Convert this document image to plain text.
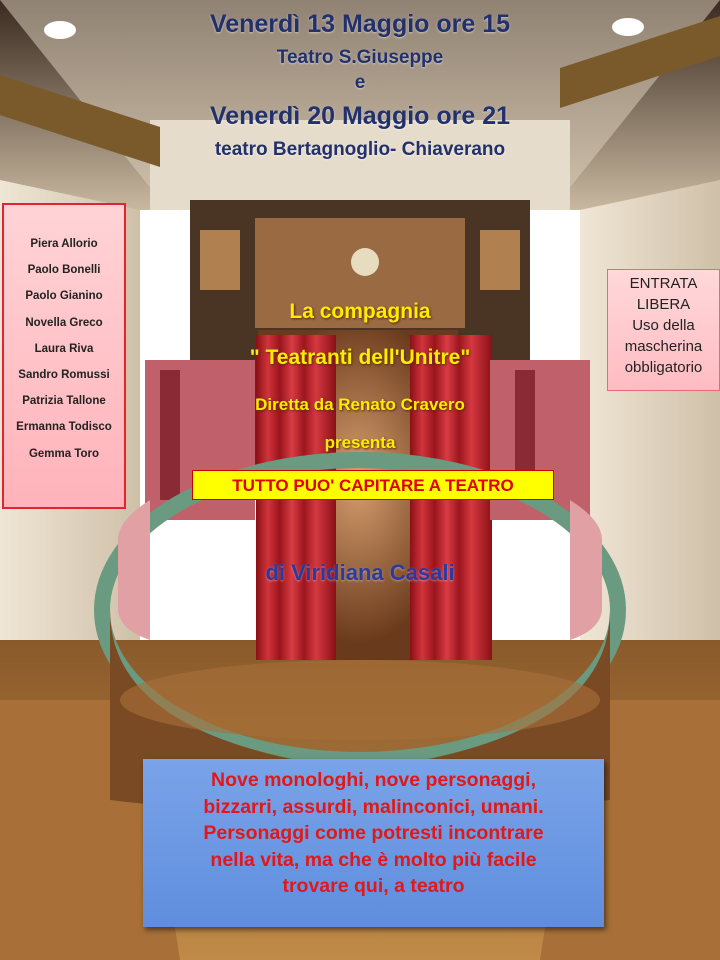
Venerdì 13 Maggio ore 15
Teatro S.Giuseppe
e
Venerdì 20 Maggio ore 21
teatro Bertagnoglio- Chiaverano
Piera Allorio
Paolo Bonelli
Paolo Gianino
Novella Greco
Laura Riva
Sandro Romussi
Patrizia Tallone
Ermanna Todisco
Gemma Toro
ENTRATA
LIBERA
Uso della
mascherina
obbligatorio
La compagnia
" Teatranti dell'Unitre"
Diretta da Renato Cravero
presenta
TUTTO PUO' CAPITARE A TEATRO
di Viridiana Casali
Nove monologhi, nove personaggi,
bizzarri, assurdi, malinconici, umani.
Personaggi come potresti incontrare
nella vita, ma che è molto più facile
trovare qui, a teatro
